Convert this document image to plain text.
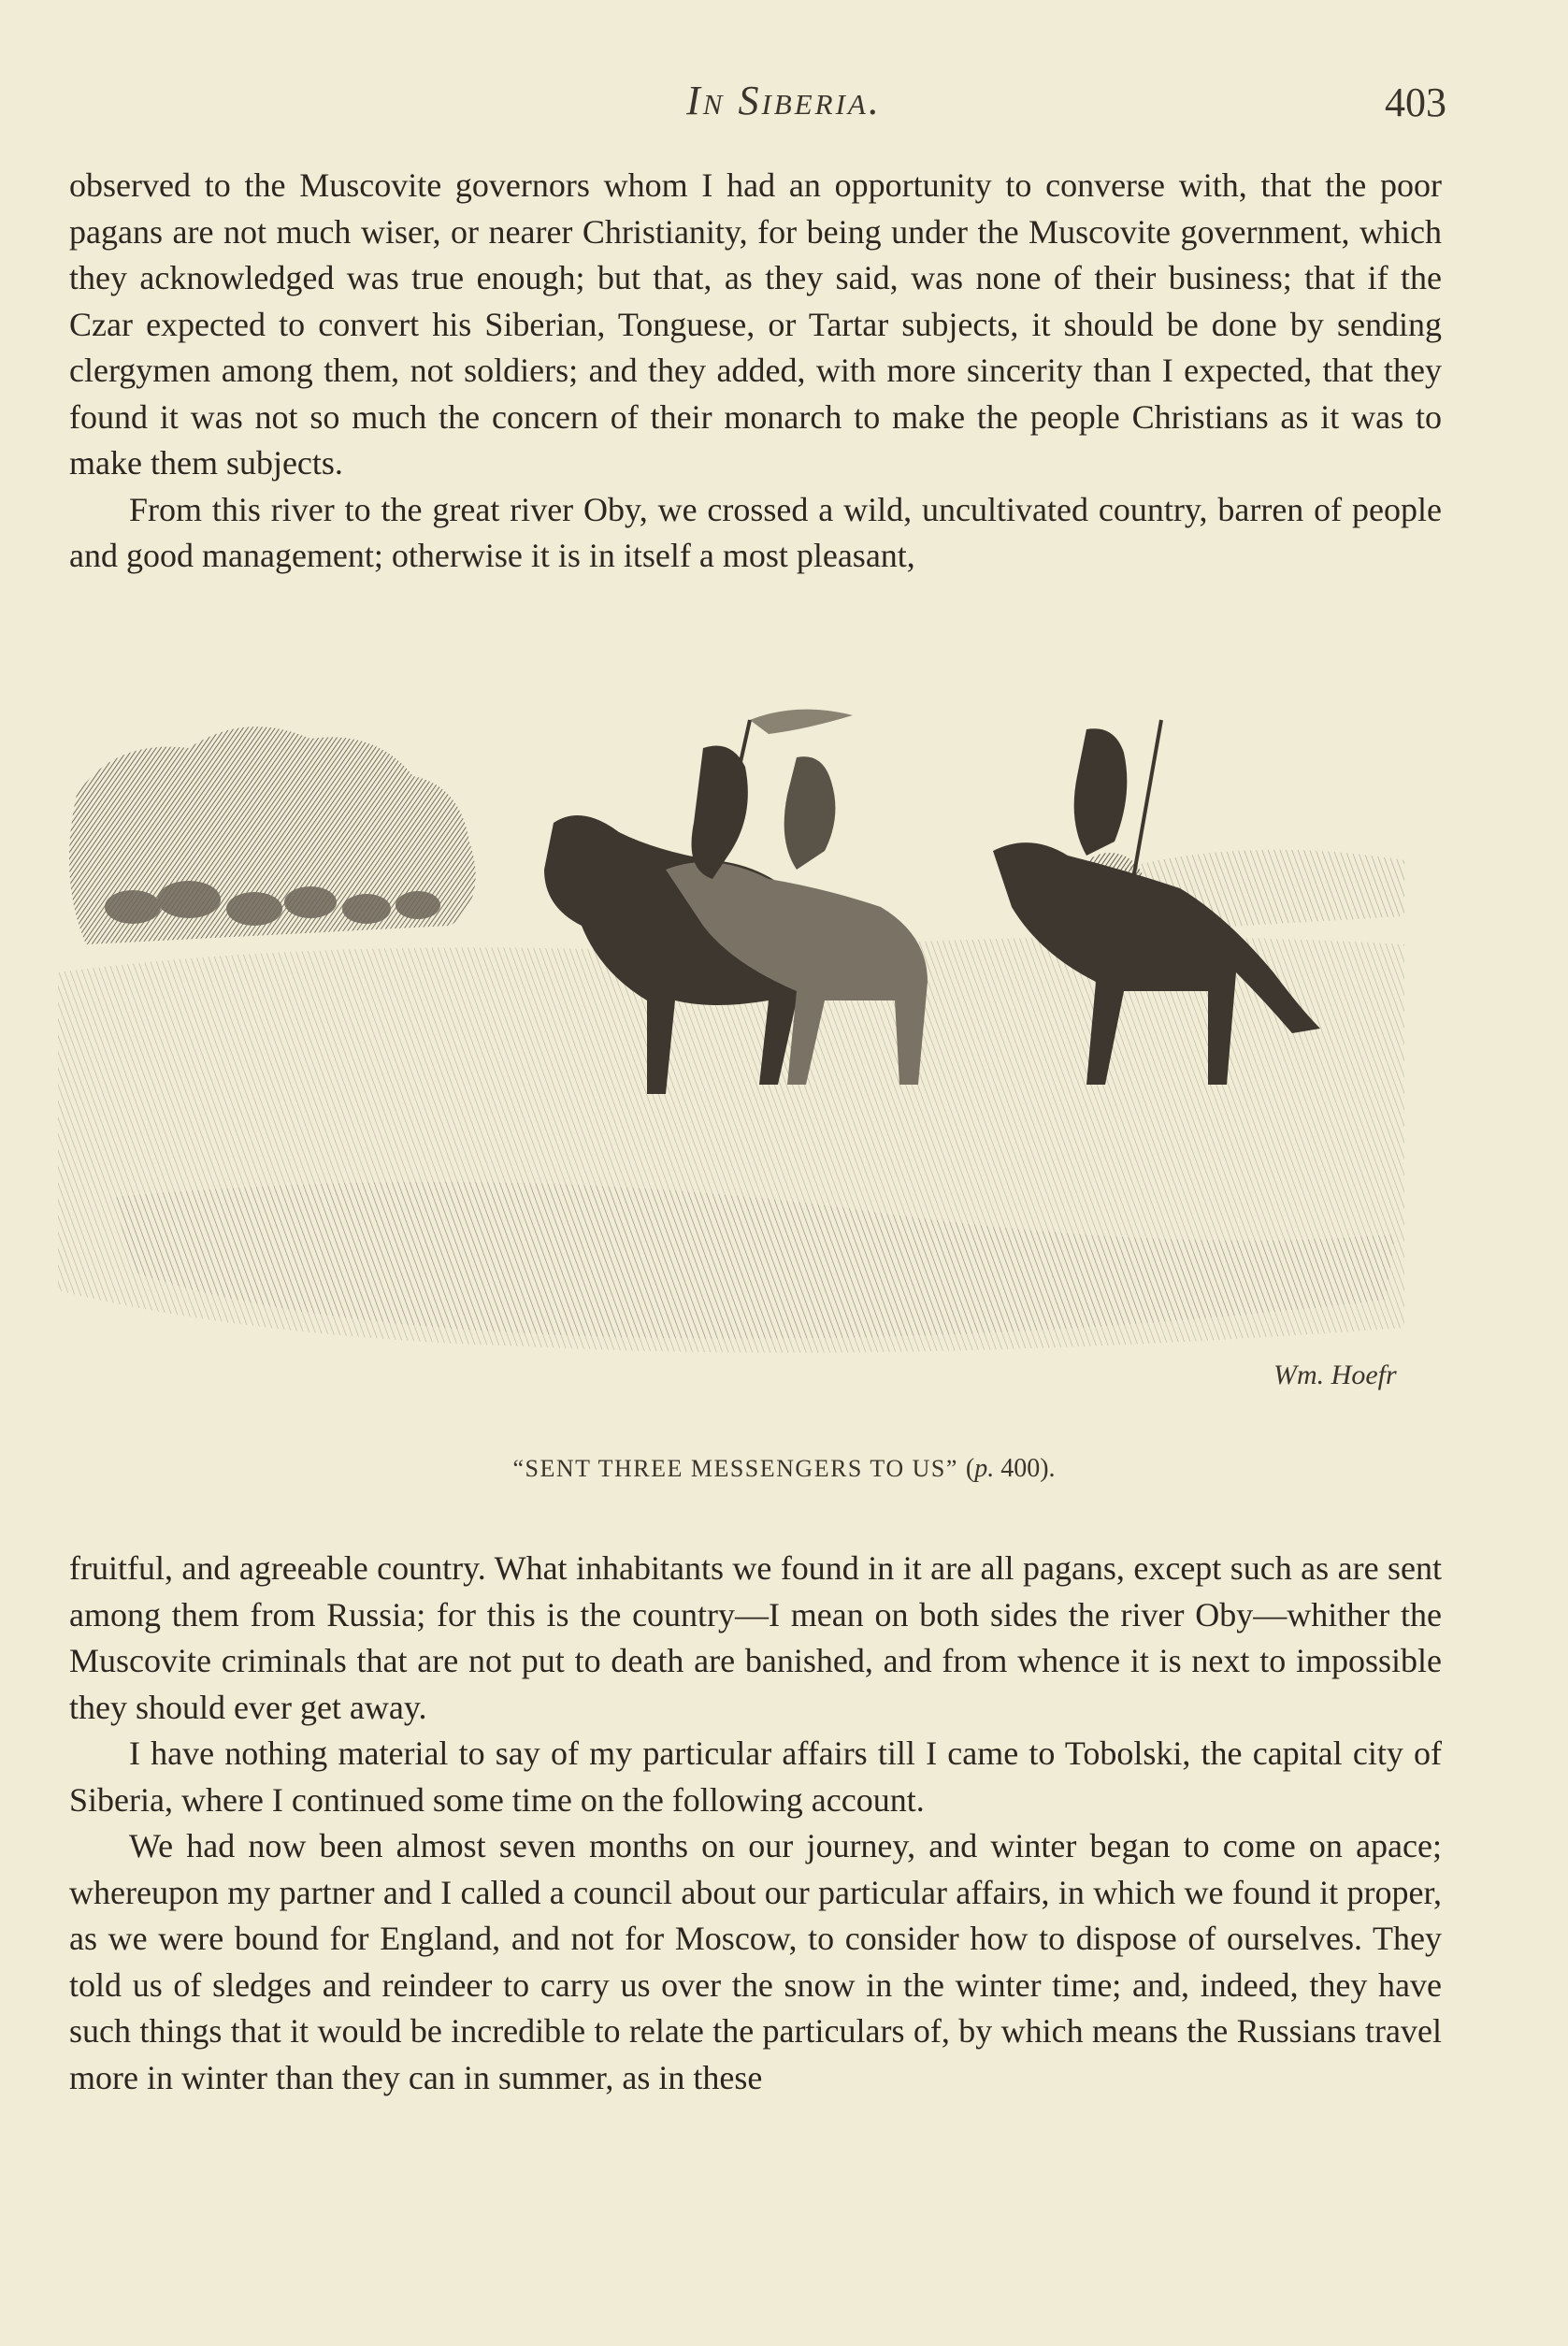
In Siberia.	403

observed to the Muscovite governors whom I had an opportunity to converse with, that the poor pagans are not much wiser, or nearer Christianity, for being under the Muscovite government, which they acknowledged was true enough; but that, as they said, was none of their business; that if the Czar expected to convert his Siberian, Tonguese, or Tartar subjects, it should be done by sending clergymen among them, not soldiers; and they added, with more sincerity than I expected, that they found it was not so much the concern of their monarch to make the people Christians as it was to make them subjects.

From this river to the great river Oby, we crossed a wild, uncultivated country, barren of people and good management; otherwise it is in itself a most pleasant,

Wm. Hoefr
“SENT THREE MESSENGERS TO US” (p. 400).

fruitful, and agreeable country. What inhabitants we found in it are all pagans, except such as are sent among them from Russia; for this is the country—I mean on both sides the river Oby—whither the Muscovite criminals that are not put to death are banished, and from whence it is next to impossible they should ever get away.

I have nothing material to say of my particular affairs till I came to Tobolski, the capital city of Siberia, where I continued some time on the following account.

We had now been almost seven months on our journey, and winter began to come on apace; whereupon my partner and I called a council about our particular affairs, in which we found it proper, as we were bound for England, and not for Moscow, to consider how to dispose of ourselves. They told us of sledges and reindeer to carry us over the snow in the winter time; and, indeed, they have such things that it would be incredible to relate the particulars of, by which means the Russians travel more in winter than they can in summer, as in these
